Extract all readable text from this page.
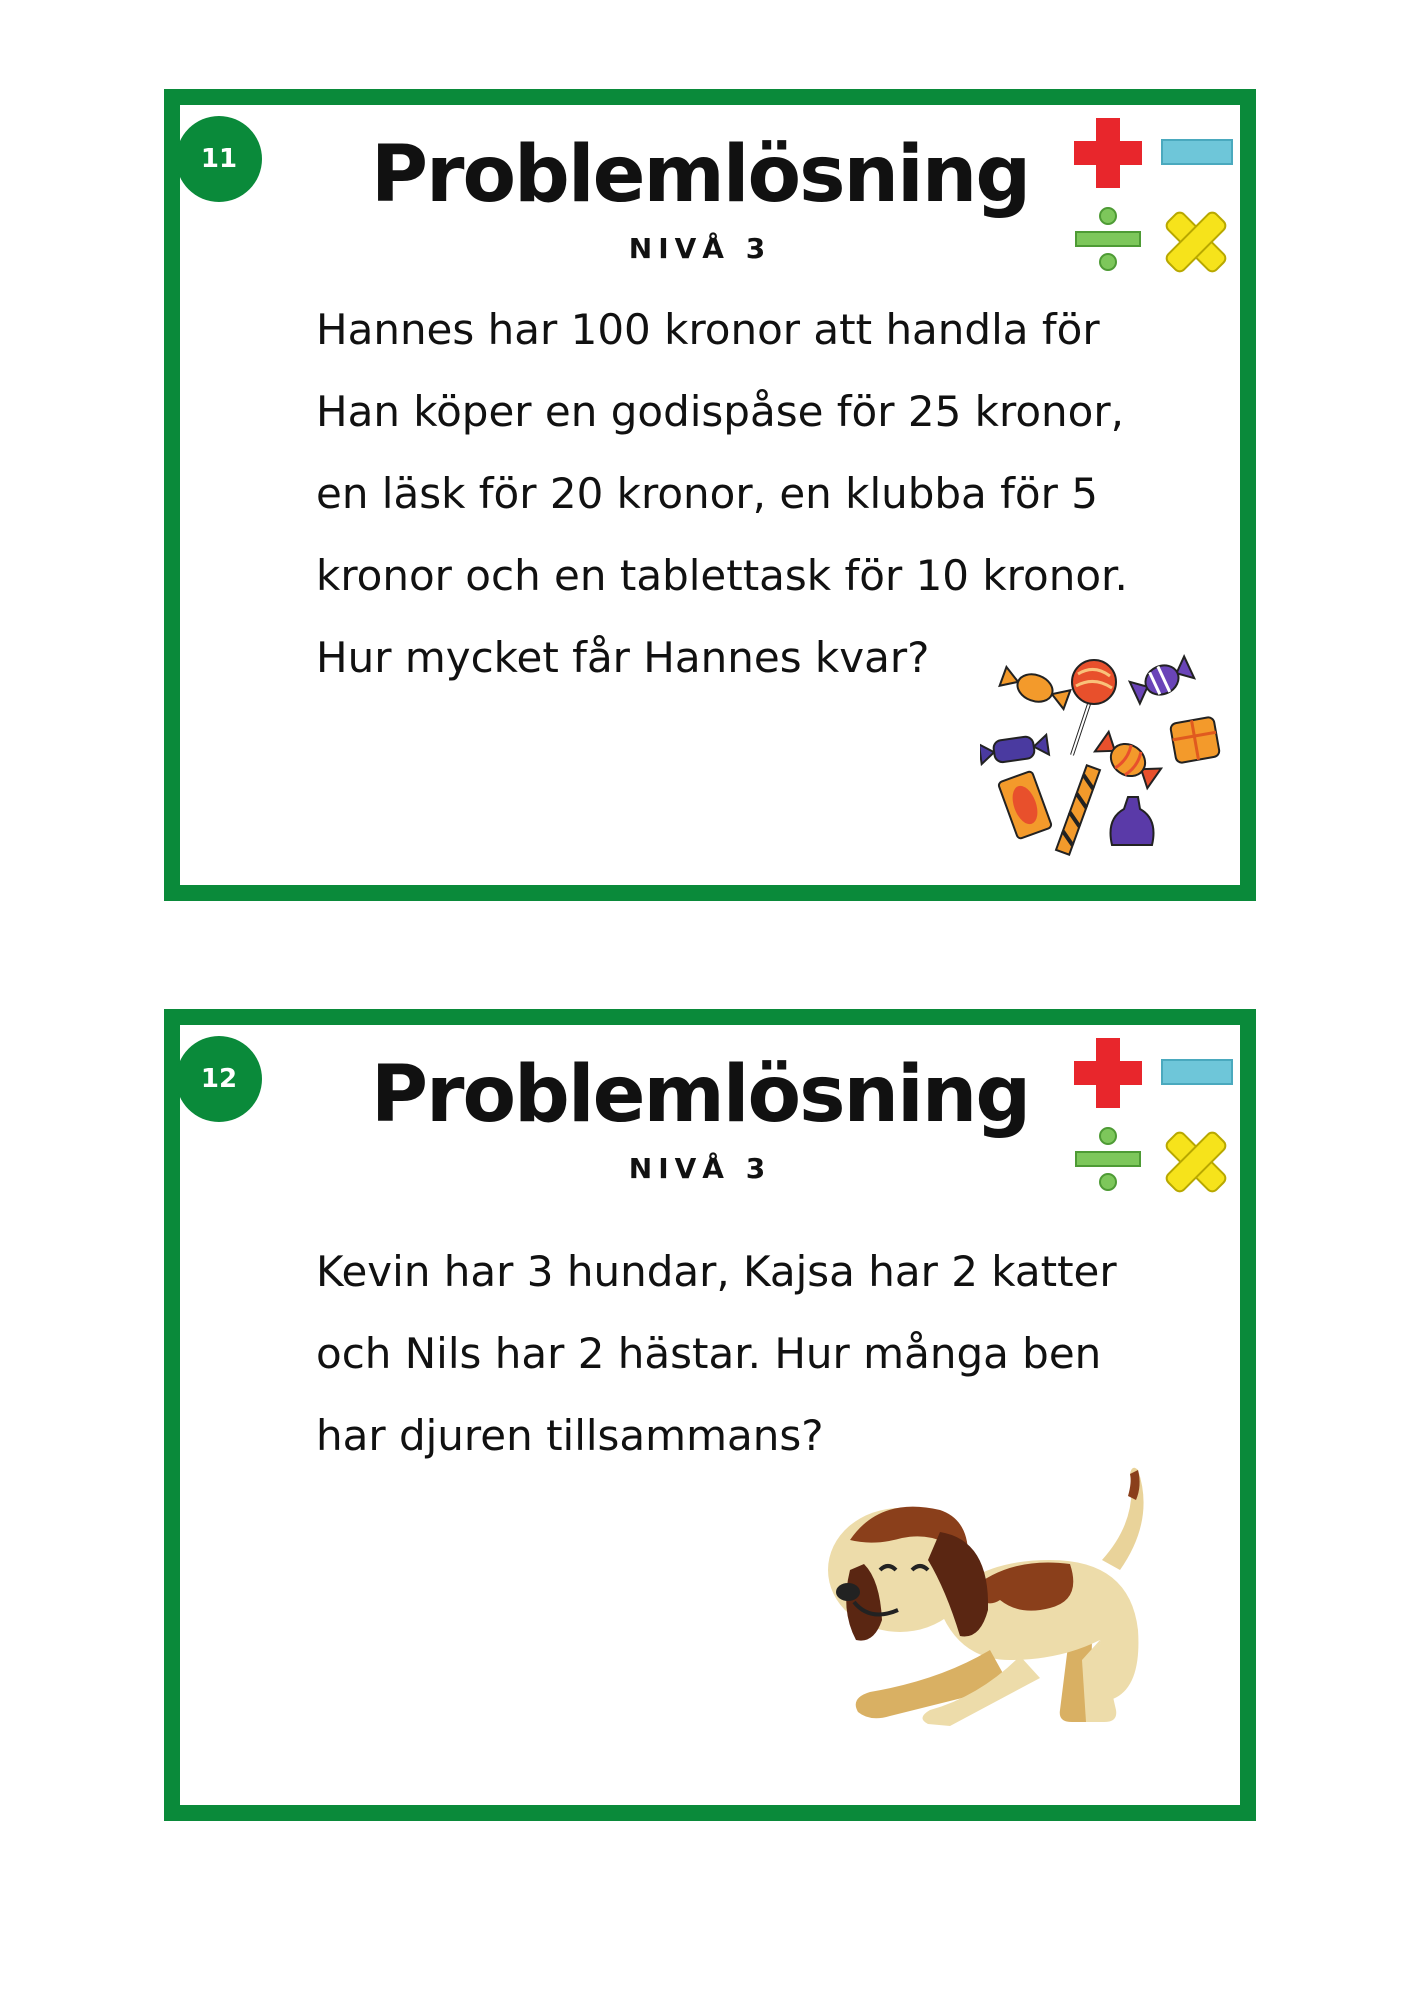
11	Problemlösning
NIVÅ 3

Hannes har 100 kronor att handla för

Han köper en godispåse för 25 kronor,

en läsk för 20 kronor, en klubba för 5

kronor och en tablettask för 10 kronor.

Hur mycket får Hannes kvar?

12	Problemlösning
NIVÅ 3

Kevin har 3 hundar, Kajsa har 2 katter

och Nils har 2 hästar. Hur många ben

har djuren tillsammans?
